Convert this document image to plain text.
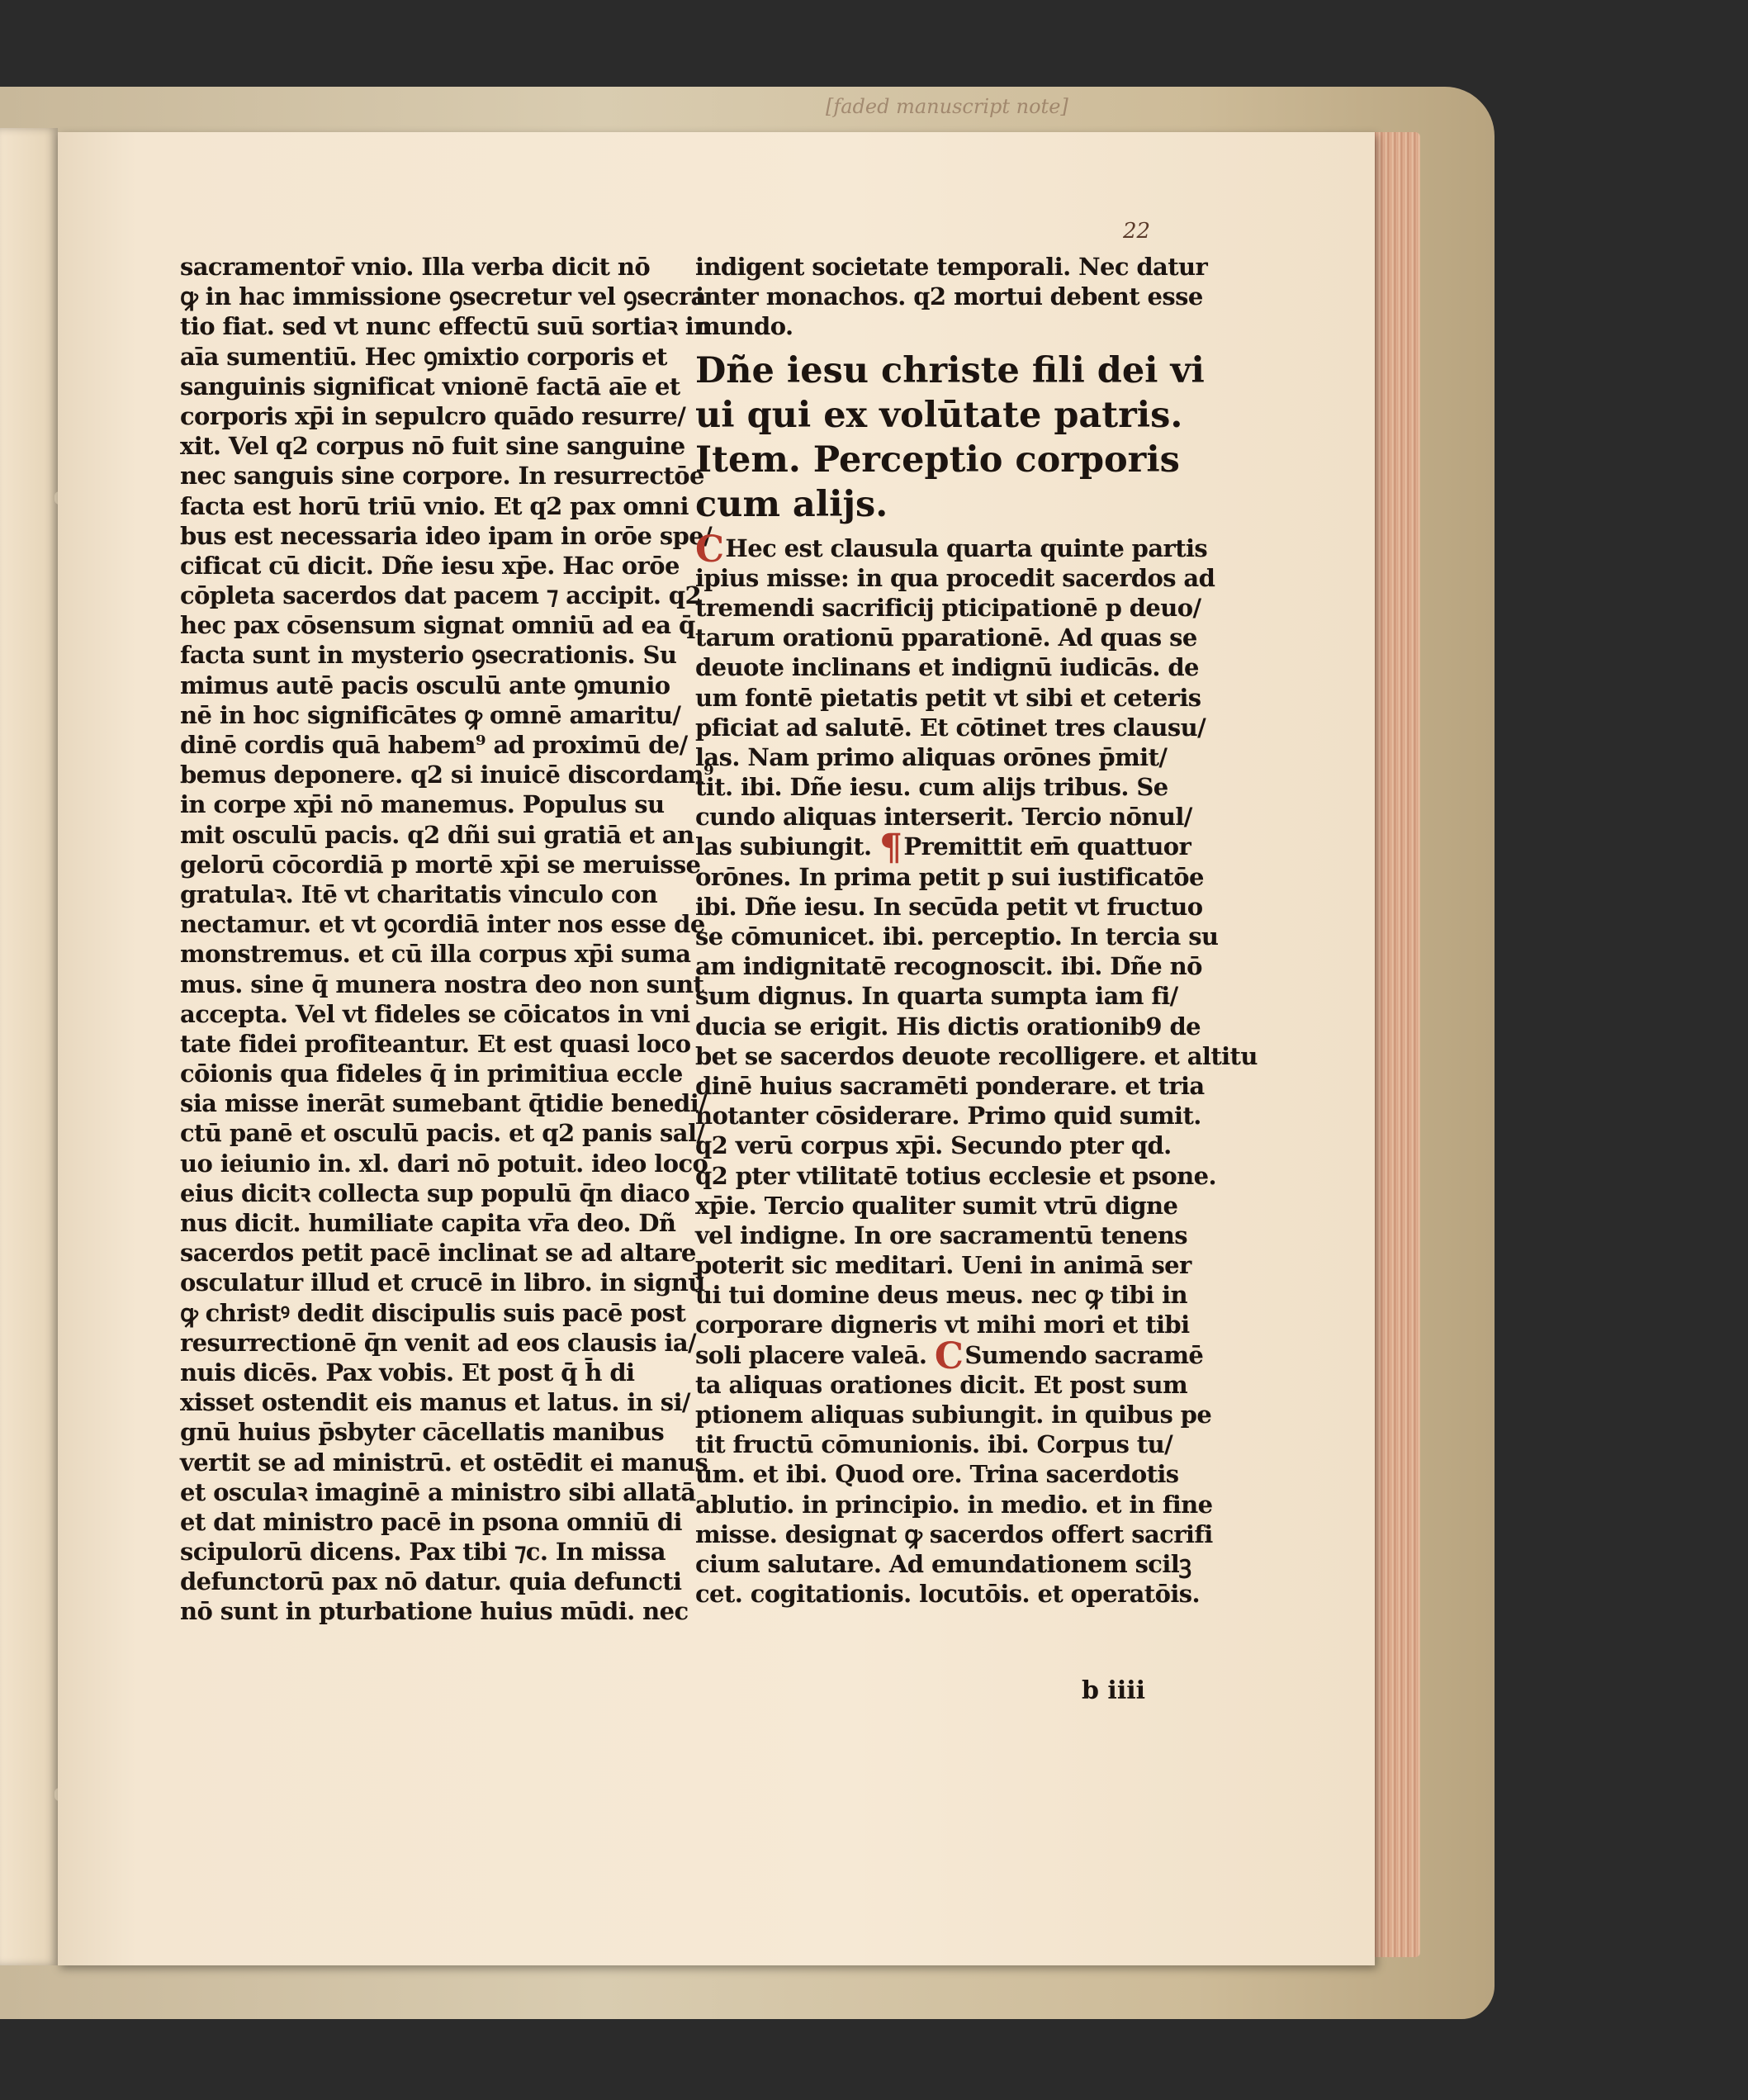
[faded manuscript note]
22
sacramentor̄ vnio. Illa verba dicit nō
ꝙ in hac immissione ꝯsecretur vel ꝯsecra
tio fiat. sed vt nunc effectū suū sortiaꝛ in
aīa sumentiū. Hec ꝯmixtio corporis et
sanguinis significat vnionē factā aīe et
corporis xp̄i in sepulcro quādo resurre/
xit. Vel q2 corpus nō fuit sine sanguine
nec sanguis sine corpore. In resurrectōe
facta est horū triū vnio. Et q2 pax omni
bus est necessaria ideo ipam in orōe spe/
cificat cū dicit. Dñe iesu xp̄e. Hac orōe
cōpleta sacerdos dat pacem ⁊ accipit. q2
hec pax cōsensum signat omniū ad ea q̄
facta sunt in mysterio ꝯsecrationis. Su
mimus autē pacis osculū ante ꝯmunio
nē in hoc significātes ꝙ omnē amaritu/
dinē cordis quā habem⁹ ad proximū de/
bemus deponere. q2 si inuicē discordam⁹
in corpe xp̄i nō manemus. Populus su
mit osculū pacis. q2 dñi sui gratiā et an
gelorū cōcordiā p mortē xp̄i se meruisse
gratulaꝛ. Itē vt charitatis vinculo con
nectamur. et vt ꝯcordiā inter nos esse de
monstremus. et cū illa corpus xp̄i suma
mus. sine q̄ munera nostra deo non sunt
accepta. Vel vt fideles se cōicatos in vni
tate fidei profiteantur. Et est quasi loco
cōionis qua fideles q̄ in primitiua eccle
sia misse inerāt sumebant q̄tidie benedi/
ctū panē et osculū pacis. et q2 panis sal/
uo ieiunio in. xl. dari nō potuit. ideo loco
eius dicitꝛ collecta sup populū q̄n diaco
nus dicit. humiliate capita vr̄a deo. Dñ
sacerdos petit pacē inclinat se ad altare
osculatur illud et crucē in libro. in signū
ꝙ christꝰ dedit discipulis suis pacē post
resurrectionē q̄n venit ad eos clausis ia/
nuis dicēs. Pax vobis. Et post q̄ h̄ di
xisset ostendit eis manus et latus. in si/
gnū huius p̄sbyter cācellatis manibus
vertit se ad ministrū. et ostēdit ei manus
et osculaꝛ imaginē a ministro sibi allatā
et dat ministro pacē in psona omniū di
scipulorū dicens. Pax tibi ⁊c. In missa
defunctorū pax nō datur. quia defuncti
nō sunt in pturbatione huius mūdi. nec
indigent societate temporali. Nec datur
inter monachos. q2 mortui debent esse
mundo.
Dñe iesu christe fili dei vi
ui qui ex volūtate patris.
Item. Perceptio corporis
cum alijs.
CHec est clausula quarta quinte partis
ipius misse: in qua procedit sacerdos ad
tremendi sacrificij pticipationē p deuo/
tarum orationū pparationē. Ad quas se
deuote inclinans et indignū iudicās. de
um fontē pietatis petit vt sibi et ceteris
pficiat ad salutē. Et cōtinet tres clausu/
las. Nam primo aliquas orōnes p̄mit/
tit. ibi. Dñe iesu. cum alijs tribus. Se
cundo aliquas interserit. Tercio nōnul/
las subiungit. ¶Premittit em̄ quattuor
orōnes. In prima petit p sui iustificatōe
ibi. Dñe iesu. In secūda petit vt fructuo
se cōmunicet. ibi. perceptio. In tercia su
am indignitatē recognoscit. ibi. Dñe nō
sum dignus. In quarta sumpta iam fi/
ducia se erigit. His dictis orationib9 de
bet se sacerdos deuote recolligere. et altitu
dinē huius sacramēti ponderare. et tria
notanter cōsiderare. Primo quid sumit.
q2 verū corpus xp̄i. Secundo pter qd.
q2 pter vtilitatē totius ecclesie et psone.
xp̄ie. Tercio qualiter sumit vtrū digne
vel indigne. In ore sacramentū tenens
poterit sic meditari. Ueni in animā ser
ui tui domine deus meus. nec ꝙ tibi in
corporare digneris vt mihi mori et tibi
soli placere valeā. CSumendo sacramē
ta aliquas orationes dicit. Et post sum
ptionem aliquas subiungit. in quibus pe
tit fructū cōmunionis. ibi. Corpus tu/
um. et ibi. Quod ore. Trina sacerdotis
ablutio. in principio. in medio. et in fine
misse. designat ꝙ sacerdos offert sacrifi
cium salutare. Ad emundationem scilꝫ
cet. cogitationis. locutōis. et operatōis.
b iiii
